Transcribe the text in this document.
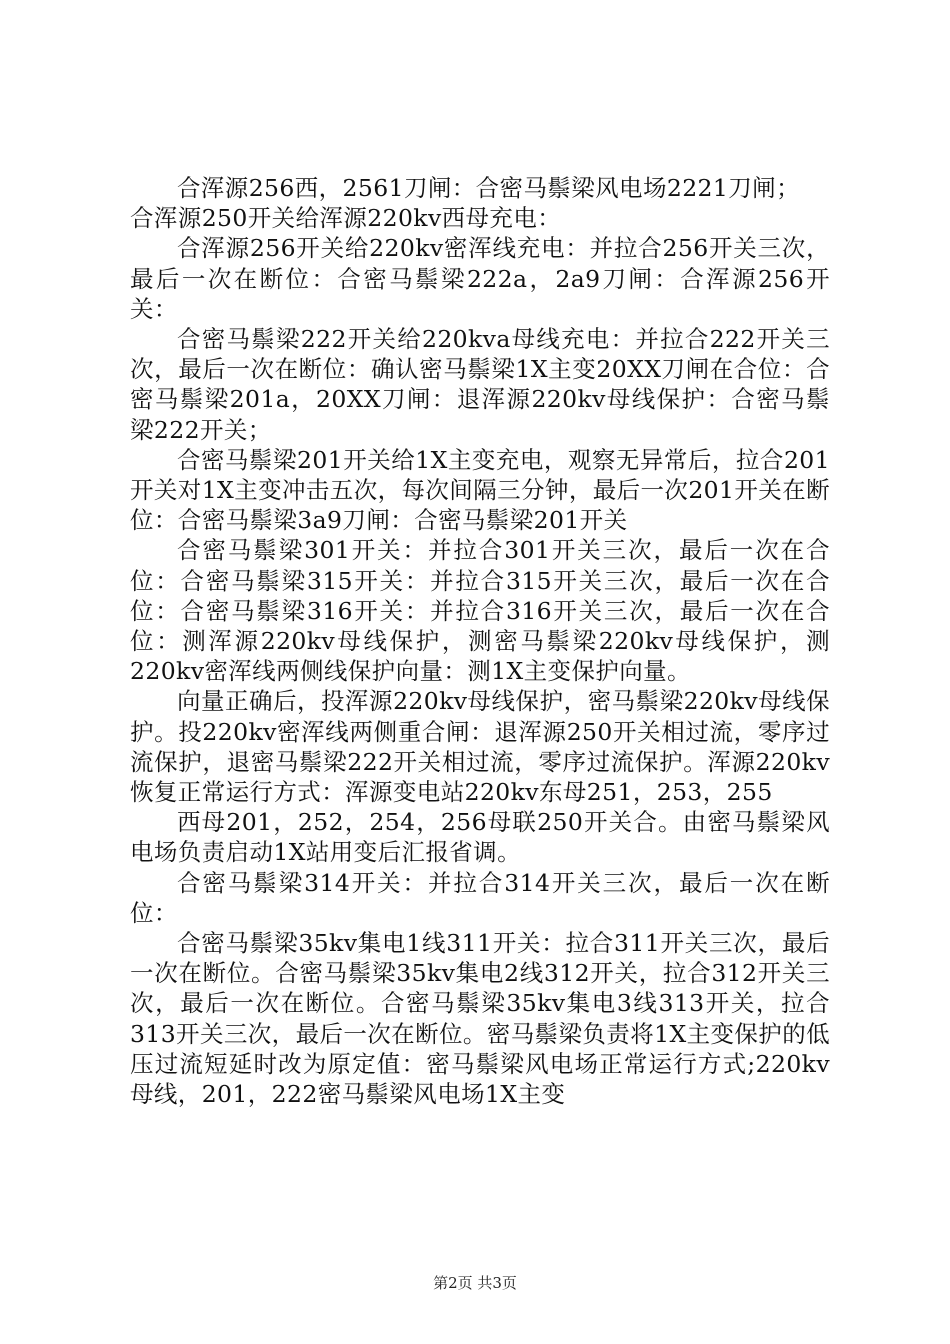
合浑源256西，2561刀闸：合密马鬃梁风电场2221刀闸；

合浑源250开关给浑源220kv西母充电：

合浑源256开关给220kv密浑线充电：并拉合256开关三次，最后一次在断位：合密马鬃梁222a，2a9刀闸：合浑源256开关：

合密马鬃梁222开关给220kva母线充电：并拉合222开关三次，最后一次在断位：确认密马鬃梁1X主变20XX刀闸在合位：合密马鬃梁201a，20XX刀闸：退浑源220kv母线保护：合密马鬃梁222开关；

合密马鬃梁201开关给1X主变充电，观察无异常后，拉合201开关对1X主变冲击五次，每次间隔三分钟，最后一次201开关在断位：合密马鬃梁3a9刀闸：合密马鬃梁201开关

合密马鬃梁301开关：并拉合301开关三次，最后一次在合位：合密马鬃梁315开关：并拉合315开关三次，最后一次在合位：合密马鬃梁316开关：并拉合316开关三次，最后一次在合位：测浑源220kv母线保护，测密马鬃梁220kv母线保护，测220kv密浑线两侧线保护向量：测1X主变保护向量。

向量正确后，投浑源220kv母线保护，密马鬃梁220kv母线保护。投220kv密浑线两侧重合闸：退浑源250开关相过流，零序过流保护，退密马鬃梁222开关相过流，零序过流保护。浑源220kv恢复正常运行方式：浑源变电站220kv东母251，253，255

西母201，252，254，256母联250开关合。由密马鬃梁风电场负责启动1X站用变后汇报省调。

合密马鬃梁314开关：并拉合314开关三次，最后一次在断位：

合密马鬃梁35kv集电1线311开关：拉合311开关三次，最后一次在断位。合密马鬃梁35kv集电2线312开关，拉合312开关三次，最后一次在断位。合密马鬃梁35kv集电3线313开关，拉合313开关三次，最后一次在断位。密马鬃梁负责将1X主变保护的低压过流短延时改为原定值：密马鬃梁风电场正常运行方式;220kv母线，201，222密马鬃梁风电场1X主变

第2页 共3页
